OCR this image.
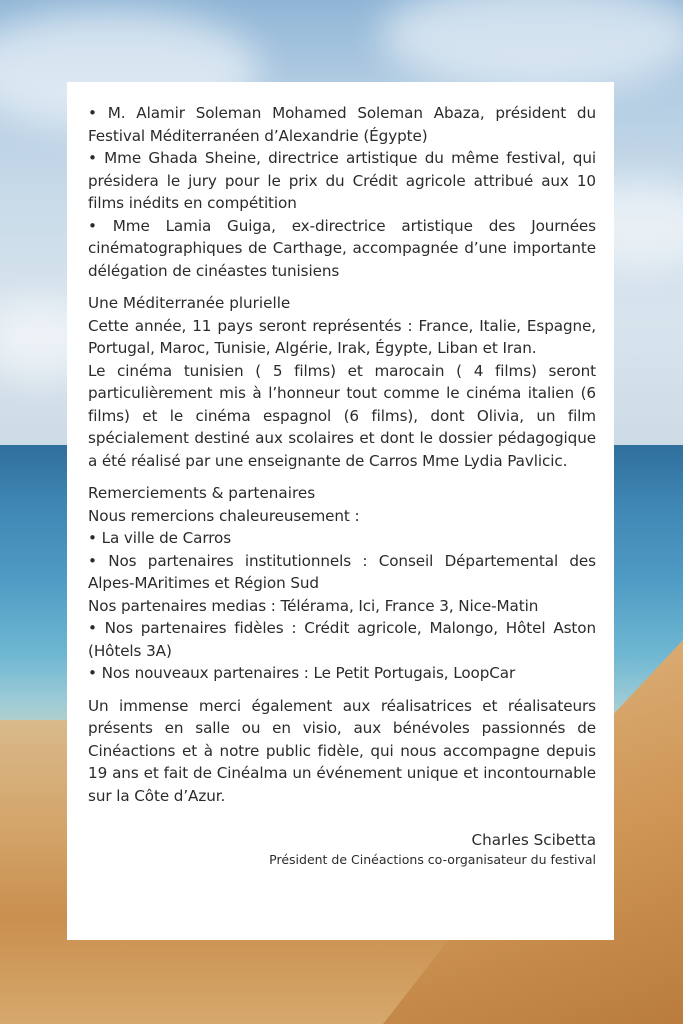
• M. Alamir Soleman Mohamed Soleman Abaza, président du Festival Méditerranéen d’Alexandrie (Égypte)

• Mme Ghada Sheine, directrice artistique du même festival, qui présidera le jury pour le prix du Crédit agricole attribué aux 10 films inédits en compétition

• Mme Lamia Guiga, ex-directrice artistique des Journées cinématographiques de Carthage, accompagnée d’une importante délégation de cinéastes tunisiens

Une Méditerranée plurielle

Cette année, 11 pays seront représentés : France, Italie, Espagne, Portugal, Maroc, Tunisie, Algérie, Irak, Égypte, Liban et Iran.

Le cinéma tunisien ( 5 films) et marocain ( 4 films) seront particulièrement mis à l’honneur tout comme le cinéma italien (6 films) et le cinéma espagnol (6 films), dont Olivia, un film spécialement destiné aux scolaires et dont le dossier pédagogique a été réalisé par une enseignante de Carros Mme Lydia Pavlicic.

Remerciements & partenaires

Nous remercions chaleureusement :

• La ville de Carros

• Nos partenaires institutionnels : Conseil Départemental des Alpes-MAritimes et Région Sud

Nos partenaires medias : Télérama, Ici, France 3, Nice-Matin

• Nos partenaires fidèles : Crédit agricole, Malongo, Hôtel Aston (Hôtels 3A)

• Nos nouveaux partenaires : Le Petit Portugais, LoopCar

Un immense merci également aux réalisatrices et réalisateurs présents en salle ou en visio, aux bénévoles passionnés de Cinéactions et à notre public fidèle, qui nous accompagne depuis 19 ans et fait de Cinéalma un événement unique et incontournable sur la Côte d’Azur.

Charles Scibetta
Président de Cinéactions co-organisateur du festival
